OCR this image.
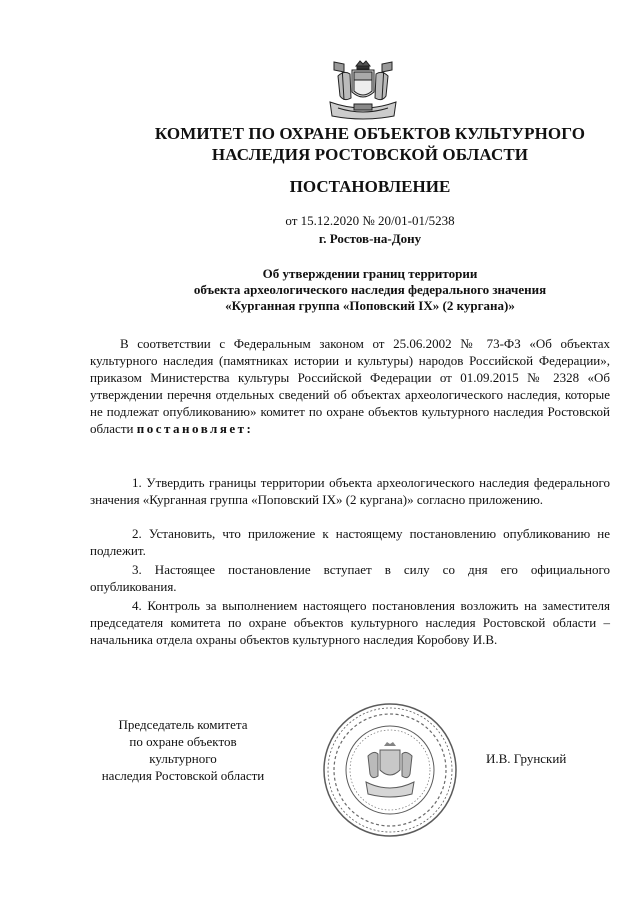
КОМИТЕТ ПО ОХРАНЕ ОБЪЕКТОВ КУЛЬТУРНОГО
НАСЛЕДИЯ РОСТОВСКОЙ ОБЛАСТИ
ПОСТАНОВЛЕНИЕ
от 15.12.2020 № 20/01-01/5238
г. Ростов-на-Дону
Об утверждении границ территории
объекта археологического наследия федерального значения
«Курганная группа «Поповский IX» (2 кургана)»
В соответствии с Федеральным законом от 25.06.2002 № 73-ФЗ «Об объектах культурного наследия (памятниках истории и культуры) народов Российской Федерации», приказом Министерства культуры Российской Федерации от 01.09.2015 № 2328 «Об утверждении перечня отдельных сведений об объектах археологического наследия, которые не подлежат опубликованию» комитет по охране объектов культурного наследия Ростовской области постановляет:
1. Утвердить границы территории объекта археологического наследия федерального значения «Курганная группа «Поповский IX» (2 кургана)» согласно приложению.
2. Установить, что приложение к настоящему постановлению опубликованию не подлежит.
3. Настоящее постановление вступает в силу со дня его официального опубликования.
4. Контроль за выполнением настоящего постановления возложить на заместителя председателя комитета по охране объектов культурного наследия Ростовской области – начальника отдела охраны объектов культурного наследия Коробову И.В.
Председатель комитета
по охране объектов культурного
наследия Ростовской области
И.В. Грунский
